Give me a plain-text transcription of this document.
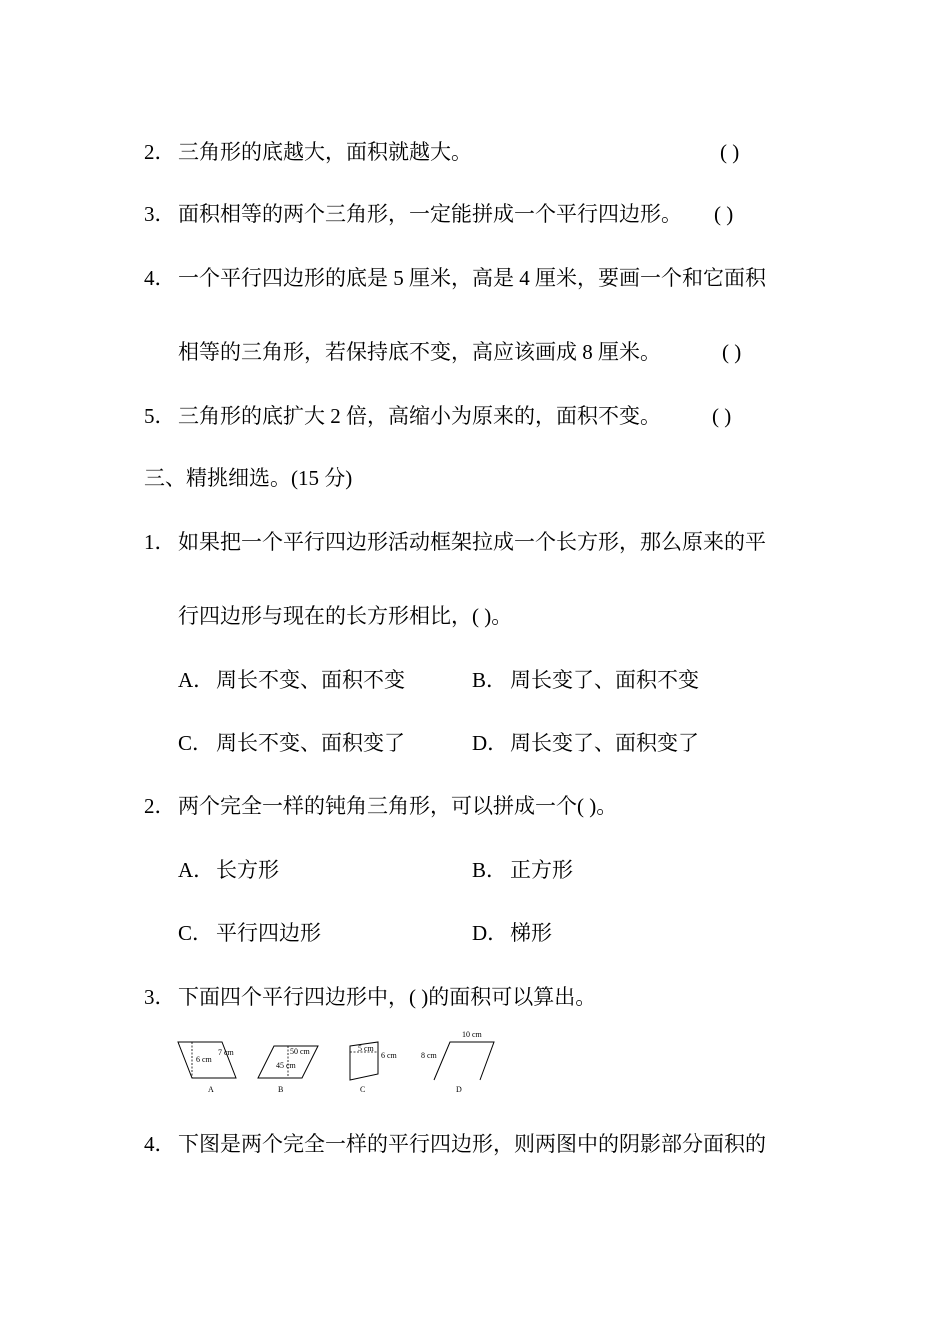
2． 三角形的底越大，面积就越大。	( )
3． 面积相等的两个三角形，一定能拼成一个平行四边形。 ( )
4． 一个平行四边形的底是 5 厘米，高是 4 厘米，要画一个和它面积
相等的三角形，若保持底不变，高应该画成 8 厘米。	( )
5． 三角形的底扩大 2 倍，高缩小为原来的，面积不变。 ( )
三、精挑细选。(15 分)
1． 如果把一个平行四边形活动框架拉成一个长方形，那么原来的平
行四边形与现在的长方形相比，( )。
A．周长不变、面积不变	B． 周长变了、面积不变
C． 周长不变、面积变了	D．周长变了、面积变了
2． 两个完全一样的钝角三角形，可以拼成一个( )。
A．长方形	B． 正方形
C． 平行四边形	D．梯形
3． 下面四个平行四边形中，( )的面积可以算出。
6 cm
7 cm
A
50 cm
45 cm
B
5 cm
6 cm
C
10 cm
8 cm
D
4． 下图是两个完全一样的平行四边形，则两图中的阴影部分面积的
